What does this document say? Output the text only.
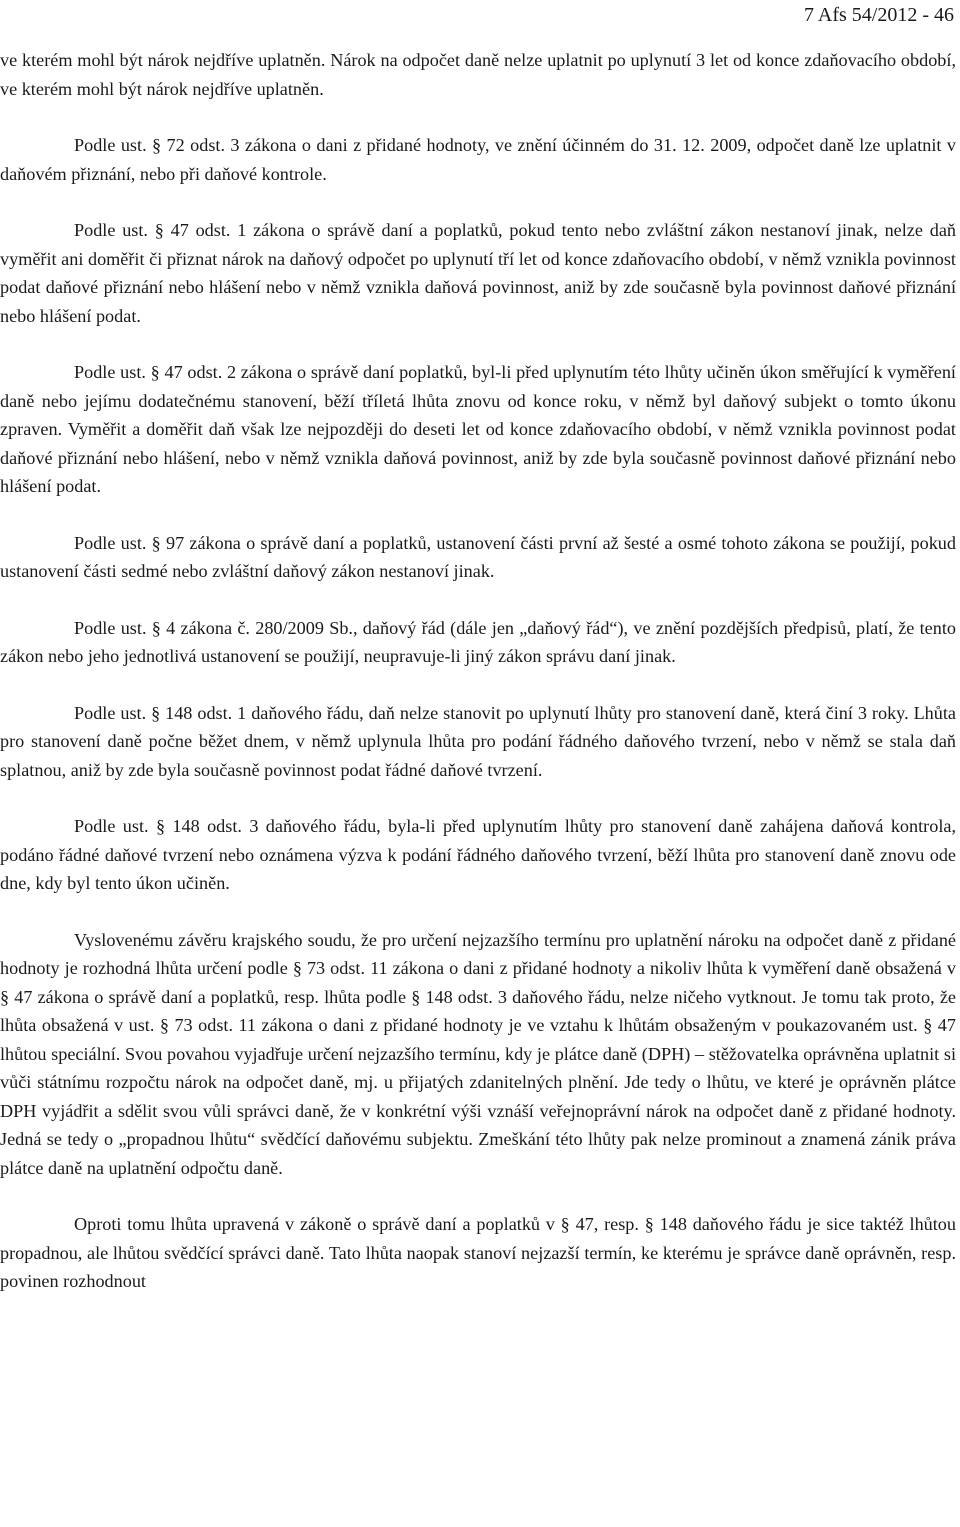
7 Afs 54/2012 - 46

ve kterém mohl být nárok nejdříve uplatněn. Nárok na odpočet daně nelze uplatnit po uplynutí 3 let od konce zdaňovacího období, ve kterém mohl být nárok nejdříve uplatněn.

Podle ust. § 72 odst. 3 zákona o dani z přidané hodnoty, ve znění účinném do 31. 12. 2009, odpočet daně lze uplatnit v daňovém přiznání, nebo při daňové kontrole.

Podle ust. § 47 odst. 1 zákona o správě daní a poplatků, pokud tento nebo zvláštní zákon nestanoví jinak, nelze daň vyměřit ani doměřit či přiznat nárok na daňový odpočet po uplynutí tří let od konce zdaňovacího období, v němž vznikla povinnost podat daňové přiznání nebo hlášení nebo v němž vznikla daňová povinnost, aniž by zde současně byla povinnost daňové přiznání nebo hlášení podat.

Podle ust. § 47 odst. 2 zákona o správě daní poplatků, byl-li před uplynutím této lhůty učiněn úkon směřující k vyměření daně nebo jejímu dodatečnému stanovení, běží tříletá lhůta znovu od konce roku, v němž byl daňový subjekt o tomto úkonu zpraven. Vyměřit a doměřit daň však lze nejpozději do deseti let od konce zdaňovacího období, v němž vznikla povinnost podat daňové přiznání nebo hlášení, nebo v němž vznikla daňová povinnost, aniž by zde byla současně povinnost daňové přiznání nebo hlášení podat.

Podle ust. § 97 zákona o správě daní a poplatků, ustanovení části první až šesté a osmé tohoto zákona se použijí, pokud ustanovení části sedmé nebo zvláštní daňový zákon nestanoví jinak.

Podle ust. § 4 zákona č. 280/2009 Sb., daňový řád (dále jen „daňový řád“), ve znění pozdějších předpisů, platí, že tento zákon nebo jeho jednotlivá ustanovení se použijí, neupravuje-li jiný zákon správu daní jinak.

Podle ust. § 148 odst. 1 daňového řádu, daň nelze stanovit po uplynutí lhůty pro stanovení daně, která činí 3 roky. Lhůta pro stanovení daně počne běžet dnem, v němž uplynula lhůta pro podání řádného daňového tvrzení, nebo v němž se stala daň splatnou, aniž by zde byla současně povinnost podat řádné daňové tvrzení.

Podle ust. § 148 odst. 3 daňového řádu, byla-li před uplynutím lhůty pro stanovení daně zahájena daňová kontrola, podáno řádné daňové tvrzení nebo oznámena výzva k podání řádného daňového tvrzení, běží lhůta pro stanovení daně znovu ode dne, kdy byl tento úkon učiněn.

Vyslovenému závěru krajského soudu, že pro určení nejzazšího termínu pro uplatnění nároku na odpočet daně z přidané hodnoty je rozhodná lhůta určení podle § 73 odst. 11 zákona o dani z přidané hodnoty a nikoliv lhůta k vyměření daně obsažená v § 47 zákona o správě daní a poplatků, resp. lhůta podle § 148 odst. 3 daňového řádu, nelze ničeho vytknout. Je tomu tak proto, že lhůta obsažená v ust. § 73 odst. 11 zákona o dani z přidané hodnoty je ve vztahu k lhůtám obsaženým v poukazovaném ust. § 47 lhůtou speciální. Svou povahou vyjadřuje určení nejzazšího termínu, kdy je plátce daně (DPH) – stěžovatelka oprávněna uplatnit si vůči státnímu rozpočtu nárok na odpočet daně, mj. u přijatých zdanitelných plnění. Jde tedy o lhůtu, ve které je oprávněn plátce DPH vyjádřit a sdělit svou vůli správci daně, že v konkrétní výši vznáší veřejnoprávní nárok na odpočet daně z přidané hodnoty. Jedná se tedy o „propadnou lhůtu“ svědčící daňovému subjektu. Zmeškání této lhůty pak nelze prominout a znamená zánik práva plátce daně na uplatnění odpočtu daně.

Oproti tomu lhůta upravená v zákoně o správě daní a poplatků v § 47, resp. § 148 daňového řádu je sice taktéž lhůtou propadnou, ale lhůtou svědčící správci daně. Tato lhůta naopak stanoví nejzazší termín, ke kterému je správce daně oprávněn, resp. povinen rozhodnout
